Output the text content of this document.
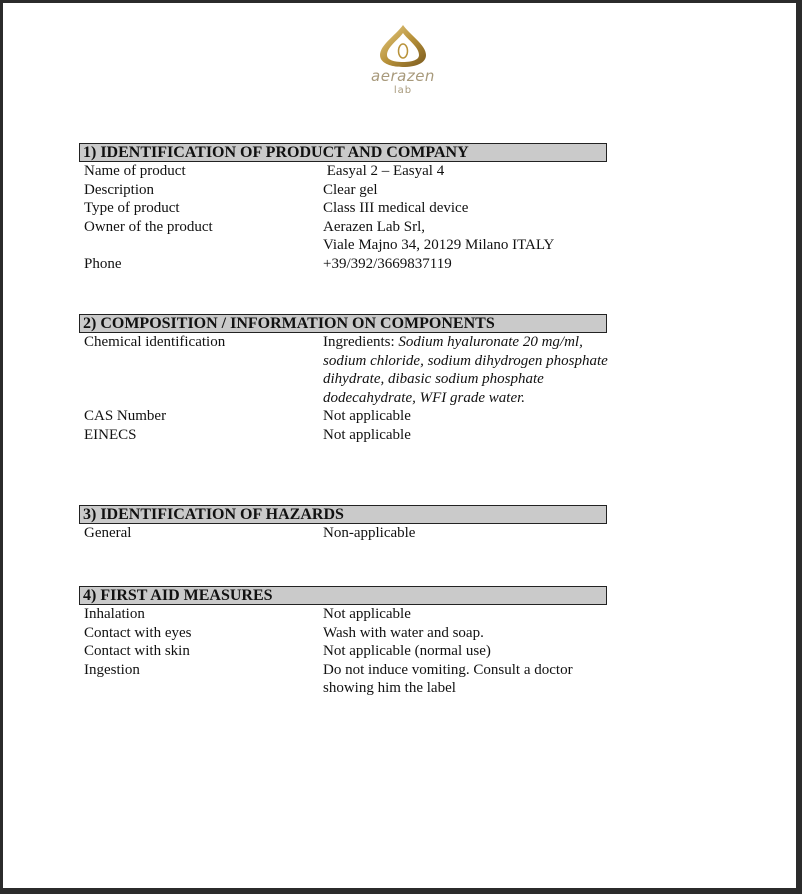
aerazen
lab
1) IDENTIFICATION OF PRODUCT AND COMPANY
Name of product	Easyal 2 – Easyal 4
Description	Clear gel
Type of product	Class III medical device
Owner of the product	Aerazen Lab Srl,
Viale Majno 34, 20129 Milano ITALY
Phone	+39/392/3669837119
2) COMPOSITION / INFORMATION ON COMPONENTS
Chemical identification	Ingredients: Sodium hyaluronate 20 mg/ml, sodium chloride, sodium dihydrogen phosphate dihydrate, dibasic sodium phosphate dodecahydrate, WFI grade water.
CAS Number	Not applicable
EINECS	Not applicable
3) IDENTIFICATION OF HAZARDS
General	Non-applicable
4) FIRST AID MEASURES
Inhalation	Not applicable
Contact with eyes	Wash with water and soap.
Contact with skin	Not applicable (normal use)
Ingestion	Do not induce vomiting. Consult a doctor showing him the label
